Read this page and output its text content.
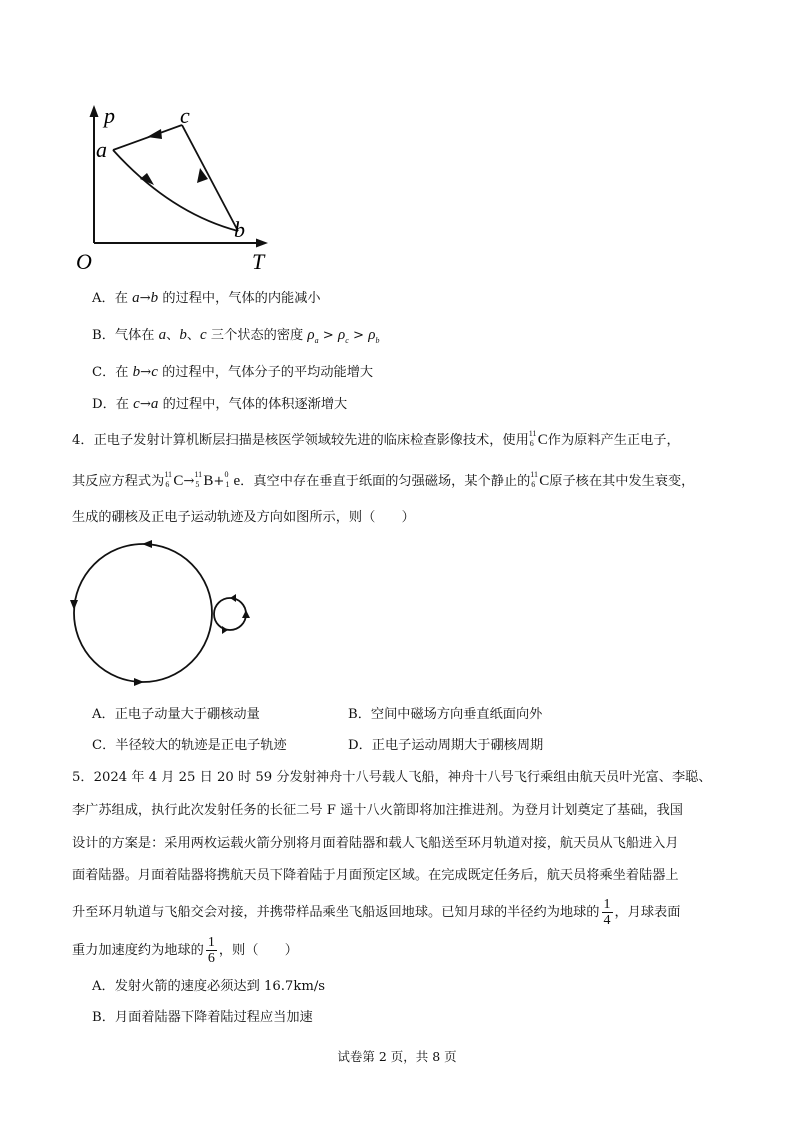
p	c
a
b
O	T
A．在 a→b 的过程中，气体的内能减小
B．气体在 a、b、c 三个状态的密度 $\rho_a > \rho_c > \rho_b$
C．在 b→c 的过程中，气体分子的平均动能增大
D．在 c→a 的过程中，气体的体积逐渐增大
4．正电子发射计算机断层扫描是核医学领域较先进的临床检查影像技术，使用 11
6 C作为原料产生正电子，
其反应方程式为 11
6 C→ 11
5 B+ 0
1 e．真空中存在垂直于纸面的匀强磁场，某个静止的 11
6 C原子核在其中发生衰变，
生成的硼核及正电子运动轨迹及方向如图所示，则（　　）
A．正电子动量大于硼核动量	B．空间中磁场方向垂直纸面向外
C．半径较大的轨迹是正电子轨迹	D．正电子运动周期大于硼核周期
5．2024 年 4 月 25 日 20 时 59 分发射神舟十八号载人飞船，神舟十八号飞行乘组由航天员叶光富、李聪、
李广苏组成，执行此次发射任务的长征二号 F 遥十八火箭即将加注推进剂。为登月计划奠定了基础，我国
设计的方案是：采用两枚运载火箭分别将月面着陆器和载人飞船送至环月轨道对接，航天员从飞船进入月
面着陆器。月面着陆器将携航天员下降着陆于月面预定区域。在完成既定任务后，航天员将乘坐着陆器上
升至环月轨道与飞船交会对接，并携带样品乘坐飞船返回地球。已知月球的半径约为地球的 $\frac{1}{4}$ ，月球表面
重力加速度约为地球的 $\frac{1}{6}$ ，则（　　）
A．发射火箭的速度必须达到 16.7km/s
B．月面着陆器下降着陆过程应当加速
试卷第 2 页，共 8 页
